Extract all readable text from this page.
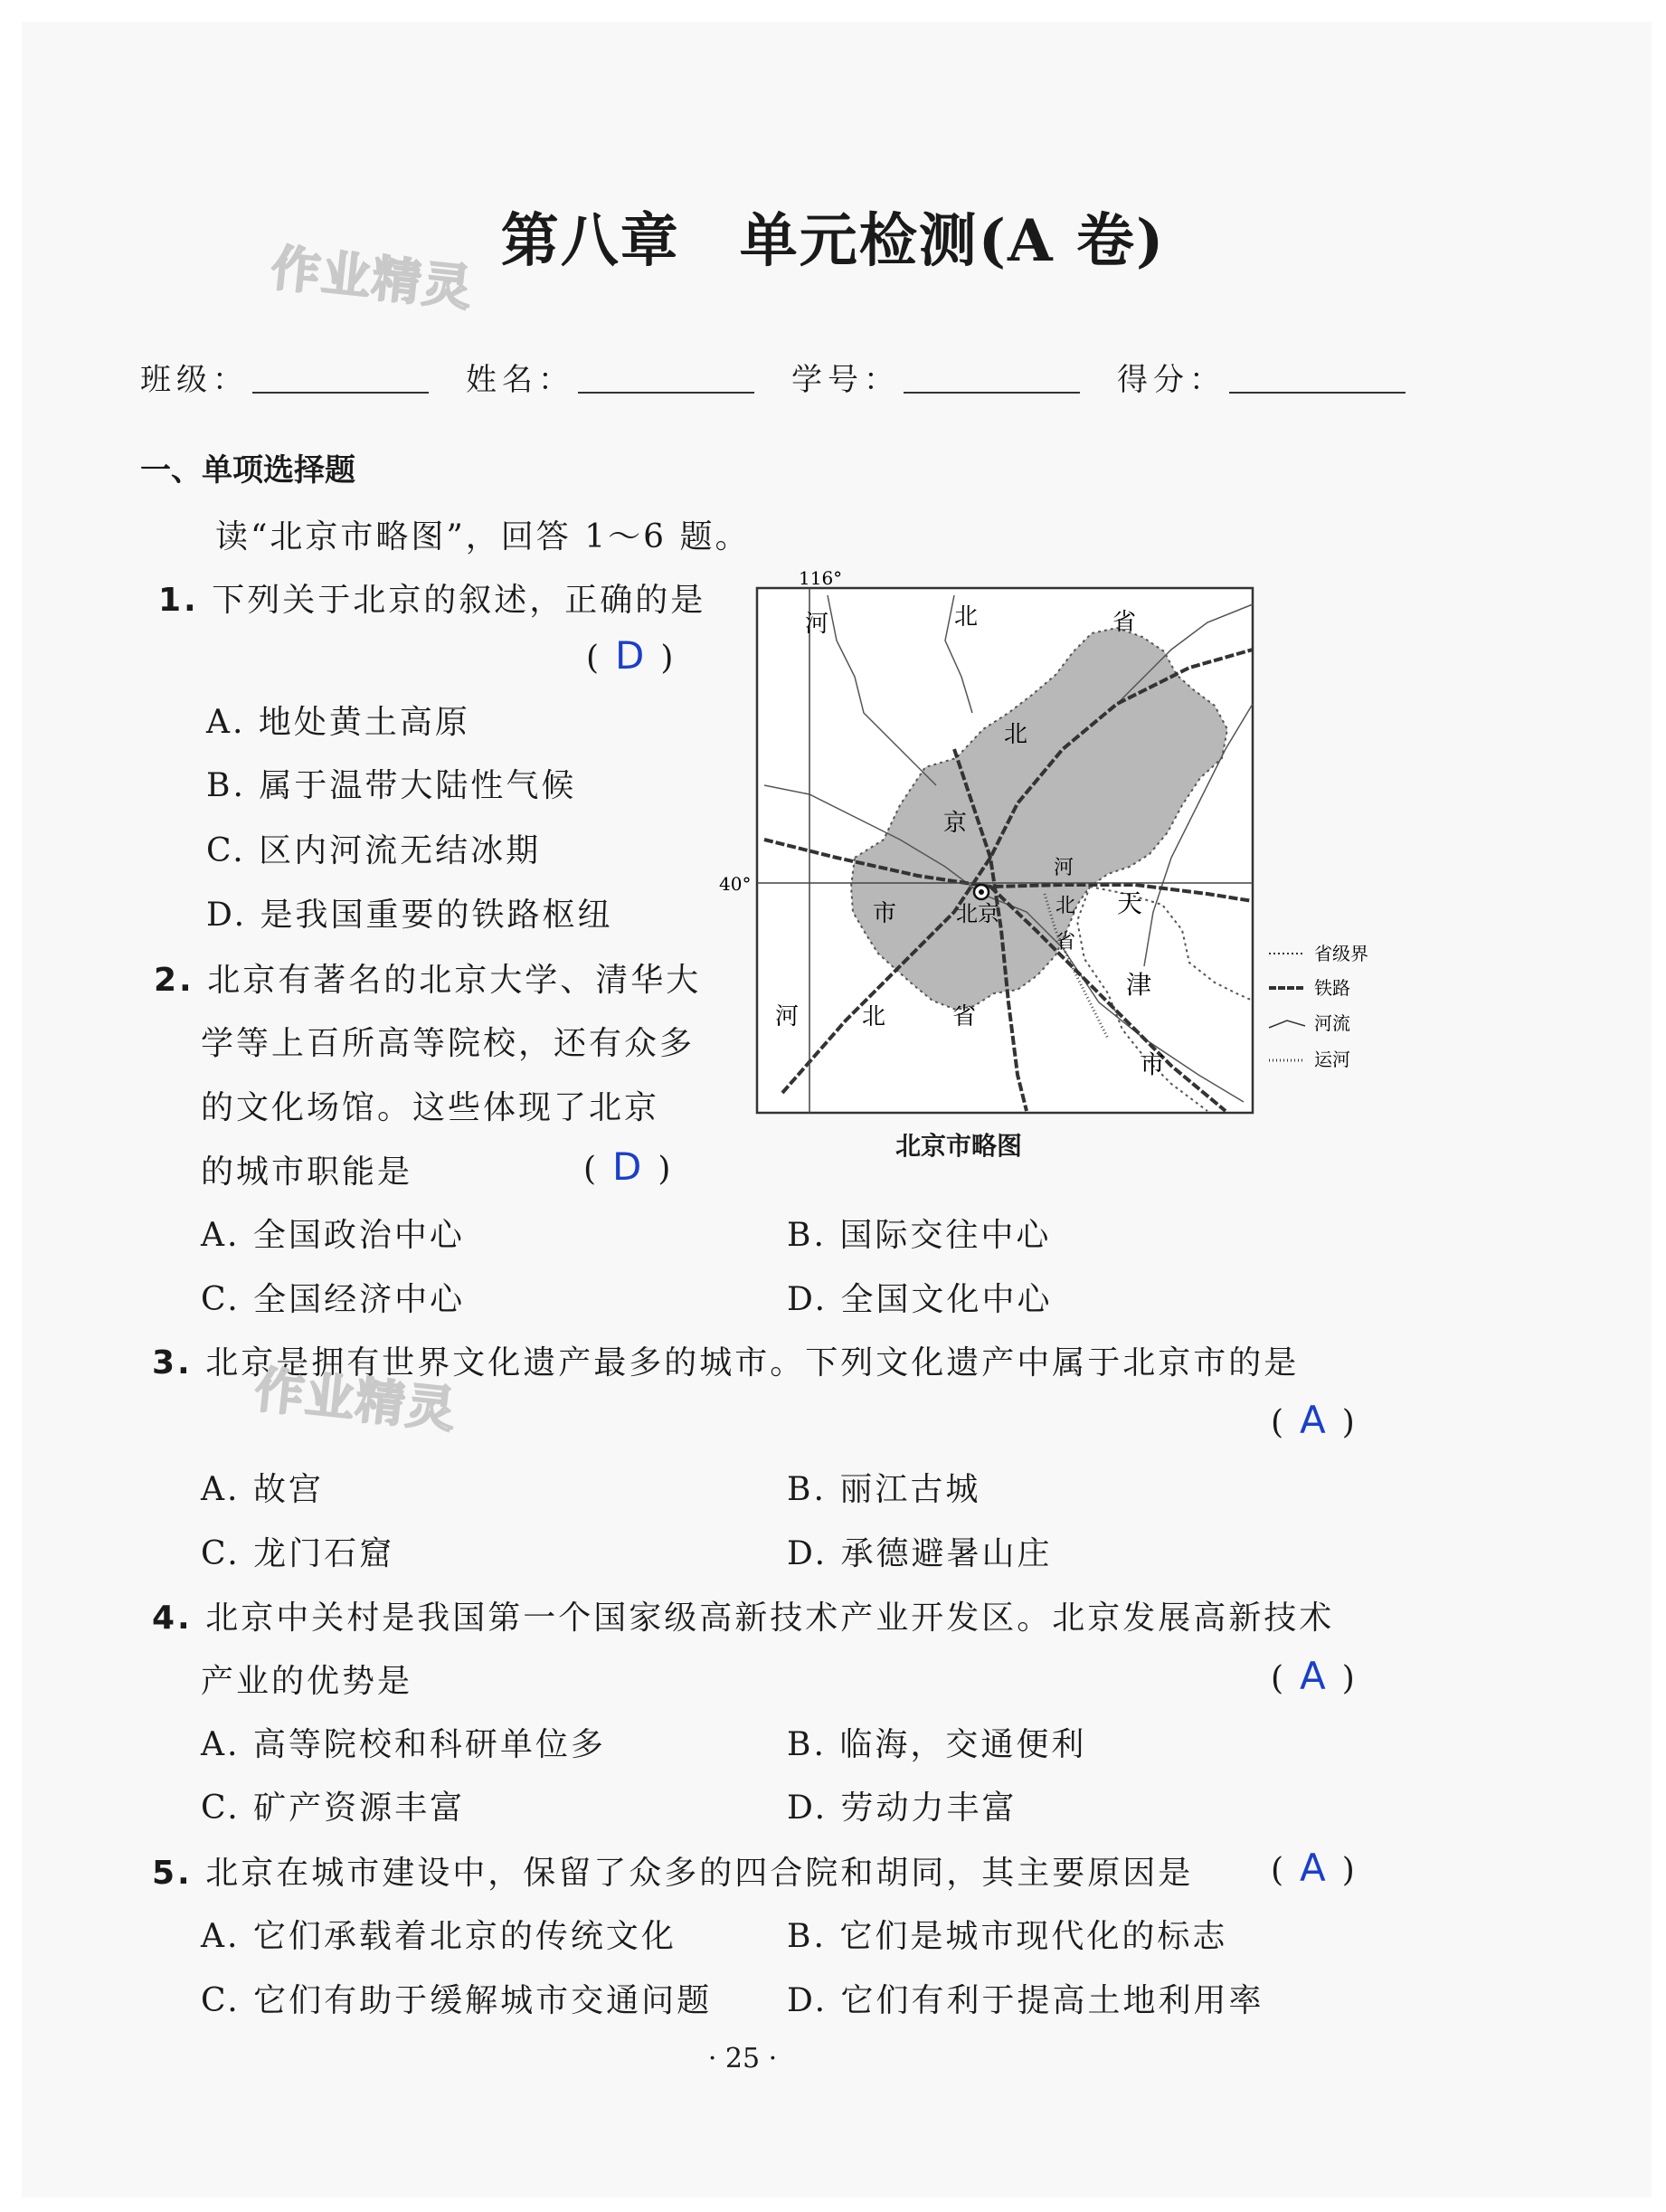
第八章　单元检测(A 卷)
作业精灵
班级：	姓名：	学号：	得分：
一、单项选择题
读“北京市略图”，回答 1～6 题。
1. 下列关于北京的叙述，正确的是
( D )
A. 地处黄土高原
B. 属于温带大陆性气候
C. 区内河流无结冰期
D. 是我国重要的铁路枢纽
2. 北京有著名的北京大学、清华大
学等上百所高等院校，还有众多
的文化场馆。这些体现了北京
的城市职能是	( D )
A. 全国政治中心	B. 国际交往中心
C. 全国经济中心	D. 全国文化中心
3. 北京是拥有世界文化遗产最多的城市。下列文化遗产中属于北京市的是
作业精灵	( A )
A. 故宫	B. 丽江古城
C. 龙门石窟	D. 承德避暑山庄
4. 北京中关村是我国第一个国家级高新技术产业开发区。北京发展高新技术
产业的优势是	( A )
A. 高等院校和科研单位多	B. 临海，交通便利
C. 矿产资源丰富	D. 劳动力丰富
5. 北京在城市建设中，保留了众多的四合院和胡同，其主要原因是 ( A )
A. 它们承载着北京的传统文化	B. 它们是城市现代化的标志
C. 它们有助于缓解城市交通问题 D. 它们有利于提高土地利用率
116°
40°
河	北	省
北
京
市	北京
河
北
省
天
津
市
河	北	省
省级界
铁路
河流
运河
北京市略图
· 25 ·
